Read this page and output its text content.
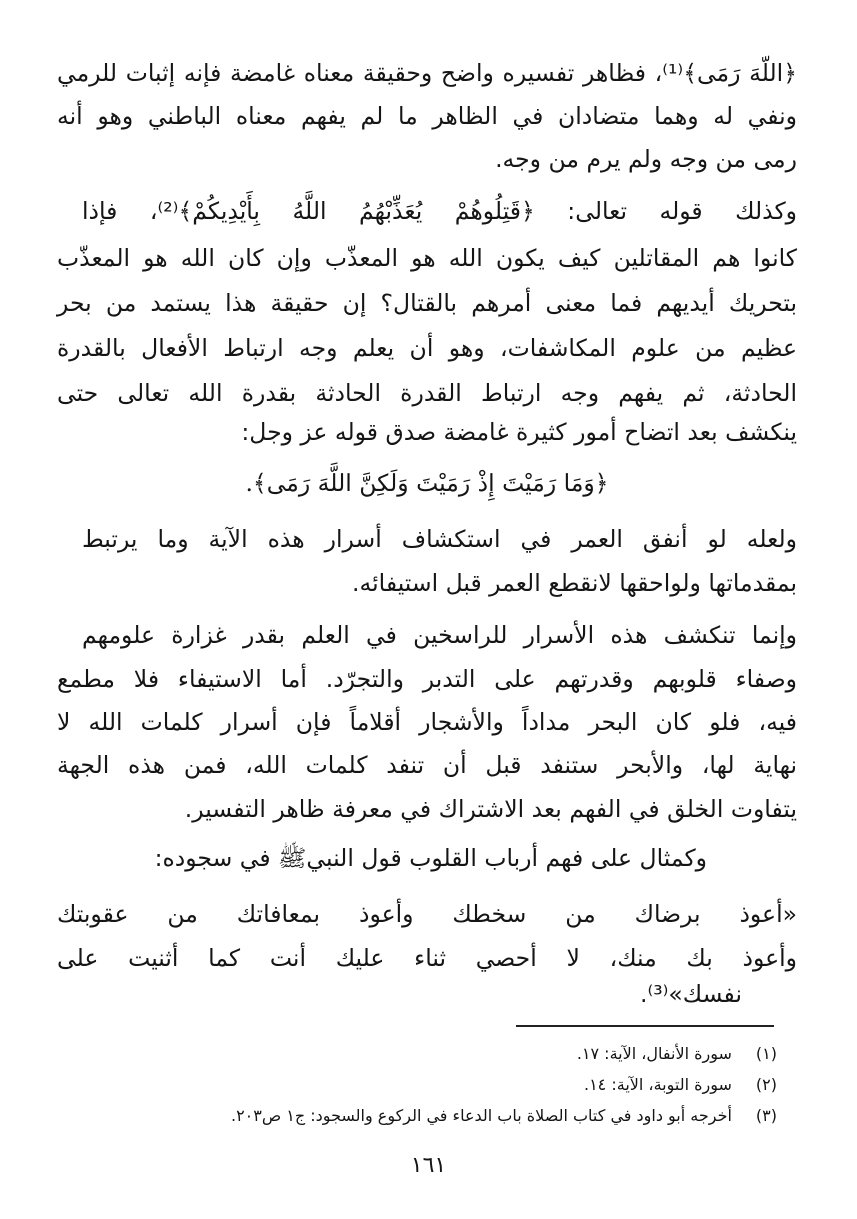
﴿اللّهَ رَمَى﴾⁽¹⁾، فظاهر تفسيره واضح وحقيقة معناه غامضة فإنه إثبات للرمي
ونفي له وهما متضادان في الظاهر ما لم يفهم معناه الباطني وهو أنه
رمى من وجه ولم يرم من وجه.
وكذلك قوله تعالى: ﴿قَتِلُوهُمْ يُعَذِّبْهُمُ اللَّهُ بِأَيْدِيكُمْ﴾⁽²⁾، فإذا
كانوا هم المقاتلين كيف يكون الله هو المعذّب وإن كان الله هو المعذّب
بتحريك أيديهم فما معنى أمرهم بالقتال؟ إن حقيقة هذا يستمد من بحر
عظيم من علوم المكاشفات، وهو أن يعلم وجه ارتباط الأفعال بالقدرة
الحادثة، ثم يفهم وجه ارتباط القدرة الحادثة بقدرة الله تعالى حتى
ينكشف بعد اتضاح أمور كثيرة غامضة صدق قوله عز وجل:
﴿وَمَا رَمَيْتَ إِذْ رَمَيْتَ وَلَكِنَّ اللَّهَ رَمَى﴾.
ولعله لو أنفق العمر في استكشاف أسرار هذه الآية وما يرتبط
بمقدماتها ولواحقها لانقطع العمر قبل استيفائه.
وإنما تنكشف هذه الأسرار للراسخين في العلم بقدر غزارة علومهم
وصفاء قلوبهم وقدرتهم على التدبر والتجرّد. أما الاستيفاء فلا مطمع
فيه، فلو كان البحر مداداً والأشجار أقلاماً فإن أسرار كلمات الله لا
نهاية لها، والأبحر ستنفد قبل أن تنفد كلمات الله، فمن هذه الجهة
يتفاوت الخلق في الفهم بعد الاشتراك في معرفة ظاهر التفسير.
وكمثال على فهم أرباب القلوب قول النبيﷺ في سجوده:
«أعوذ برضاك من سخطك وأعوذ بمعافاتك من عقوبتك
وأعوذ بك منك، لا أحصي ثناء عليك أنت كما أثنيت على
نفسك»⁽³⁾.
(١) سورة الأنفال، الآية: ١٧.
(٢) سورة التوبة، الآية: ١٤.
(٣) أخرجه أبو داود في كتاب الصلاة باب الدعاء في الركوع والسجود: ج١ ص٢٠٣.
١٦١
